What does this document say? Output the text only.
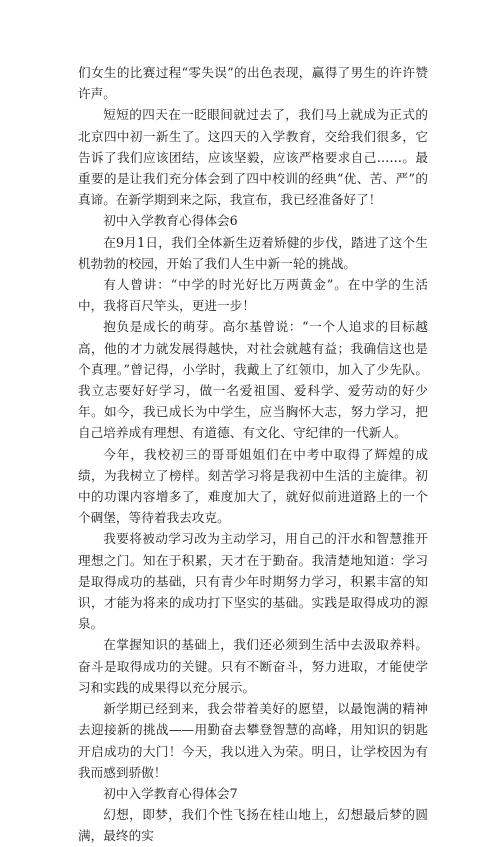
们女生的比赛过程“零失误”的出色表现，赢得了男生的许许赞许声。

短短的四天在一眨眼间就过去了，我们马上就成为正式的北京四中初一新生了。这四天的入学教育，交给我们很多，它告诉了我们应该团结，应该坚毅，应该严格要求自己……。最重要的是让我们充分体会到了四中校训的经典“优、苦、严”的真谛。在新学期到来之际，我宣布，我已经准备好了！

初中入学教育心得体会6

在9月1日，我们全体新生迈着矫健的步伐，踏进了这个生机勃勃的校园，开始了我们人生中新一轮的挑战。

有人曾讲：“中学的时光好比万两黄金”。在中学的生活中，我将百尺竿头，更进一步！

抱负是成长的萌芽。高尔基曾说：“一个人追求的目标越高，他的才力就发展得越快，对社会就越有益；我确信这也是个真理。”曾记得，小学时，我戴上了红领巾，加入了少先队。我立志要好好学习，做一名爱祖国、爱科学、爱劳动的好少年。如今，我已成长为中学生，应当胸怀大志，努力学习，把自己培养成有理想、有道德、有文化、守纪律的一代新人。

今年，我校初三的哥哥姐姐们在中考中取得了辉煌的成绩，为我树立了榜样。刻苦学习将是我初中生活的主旋律。初中的功课内容增多了，难度加大了，就好似前进道路上的一个个碉堡，等待着我去攻克。

我要将被动学习改为主动学习，用自己的汗水和智慧推开理想之门。知在于积累，天才在于勤奋。我清楚地知道：学习是取得成功的基础，只有青少年时期努力学习，积累丰富的知识，才能为将来的成功打下坚实的基础。实践是取得成功的源泉。

在掌握知识的基础上，我们还必须到生活中去汲取养料。奋斗是取得成功的关键。只有不断奋斗，努力进取，才能使学习和实践的成果得以充分展示。

新学期已经到来，我会带着美好的愿望，以最饱满的精神去迎接新的挑战——用勤奋去攀登智慧的高峰，用知识的钥匙开启成功的大门！今天，我以进入为荣。明日，让学校因为有我而感到骄傲！

初中入学教育心得体会7

幻想，即梦，我们个性飞扬在桂山地上，幻想最后梦的圆满，最终的实
